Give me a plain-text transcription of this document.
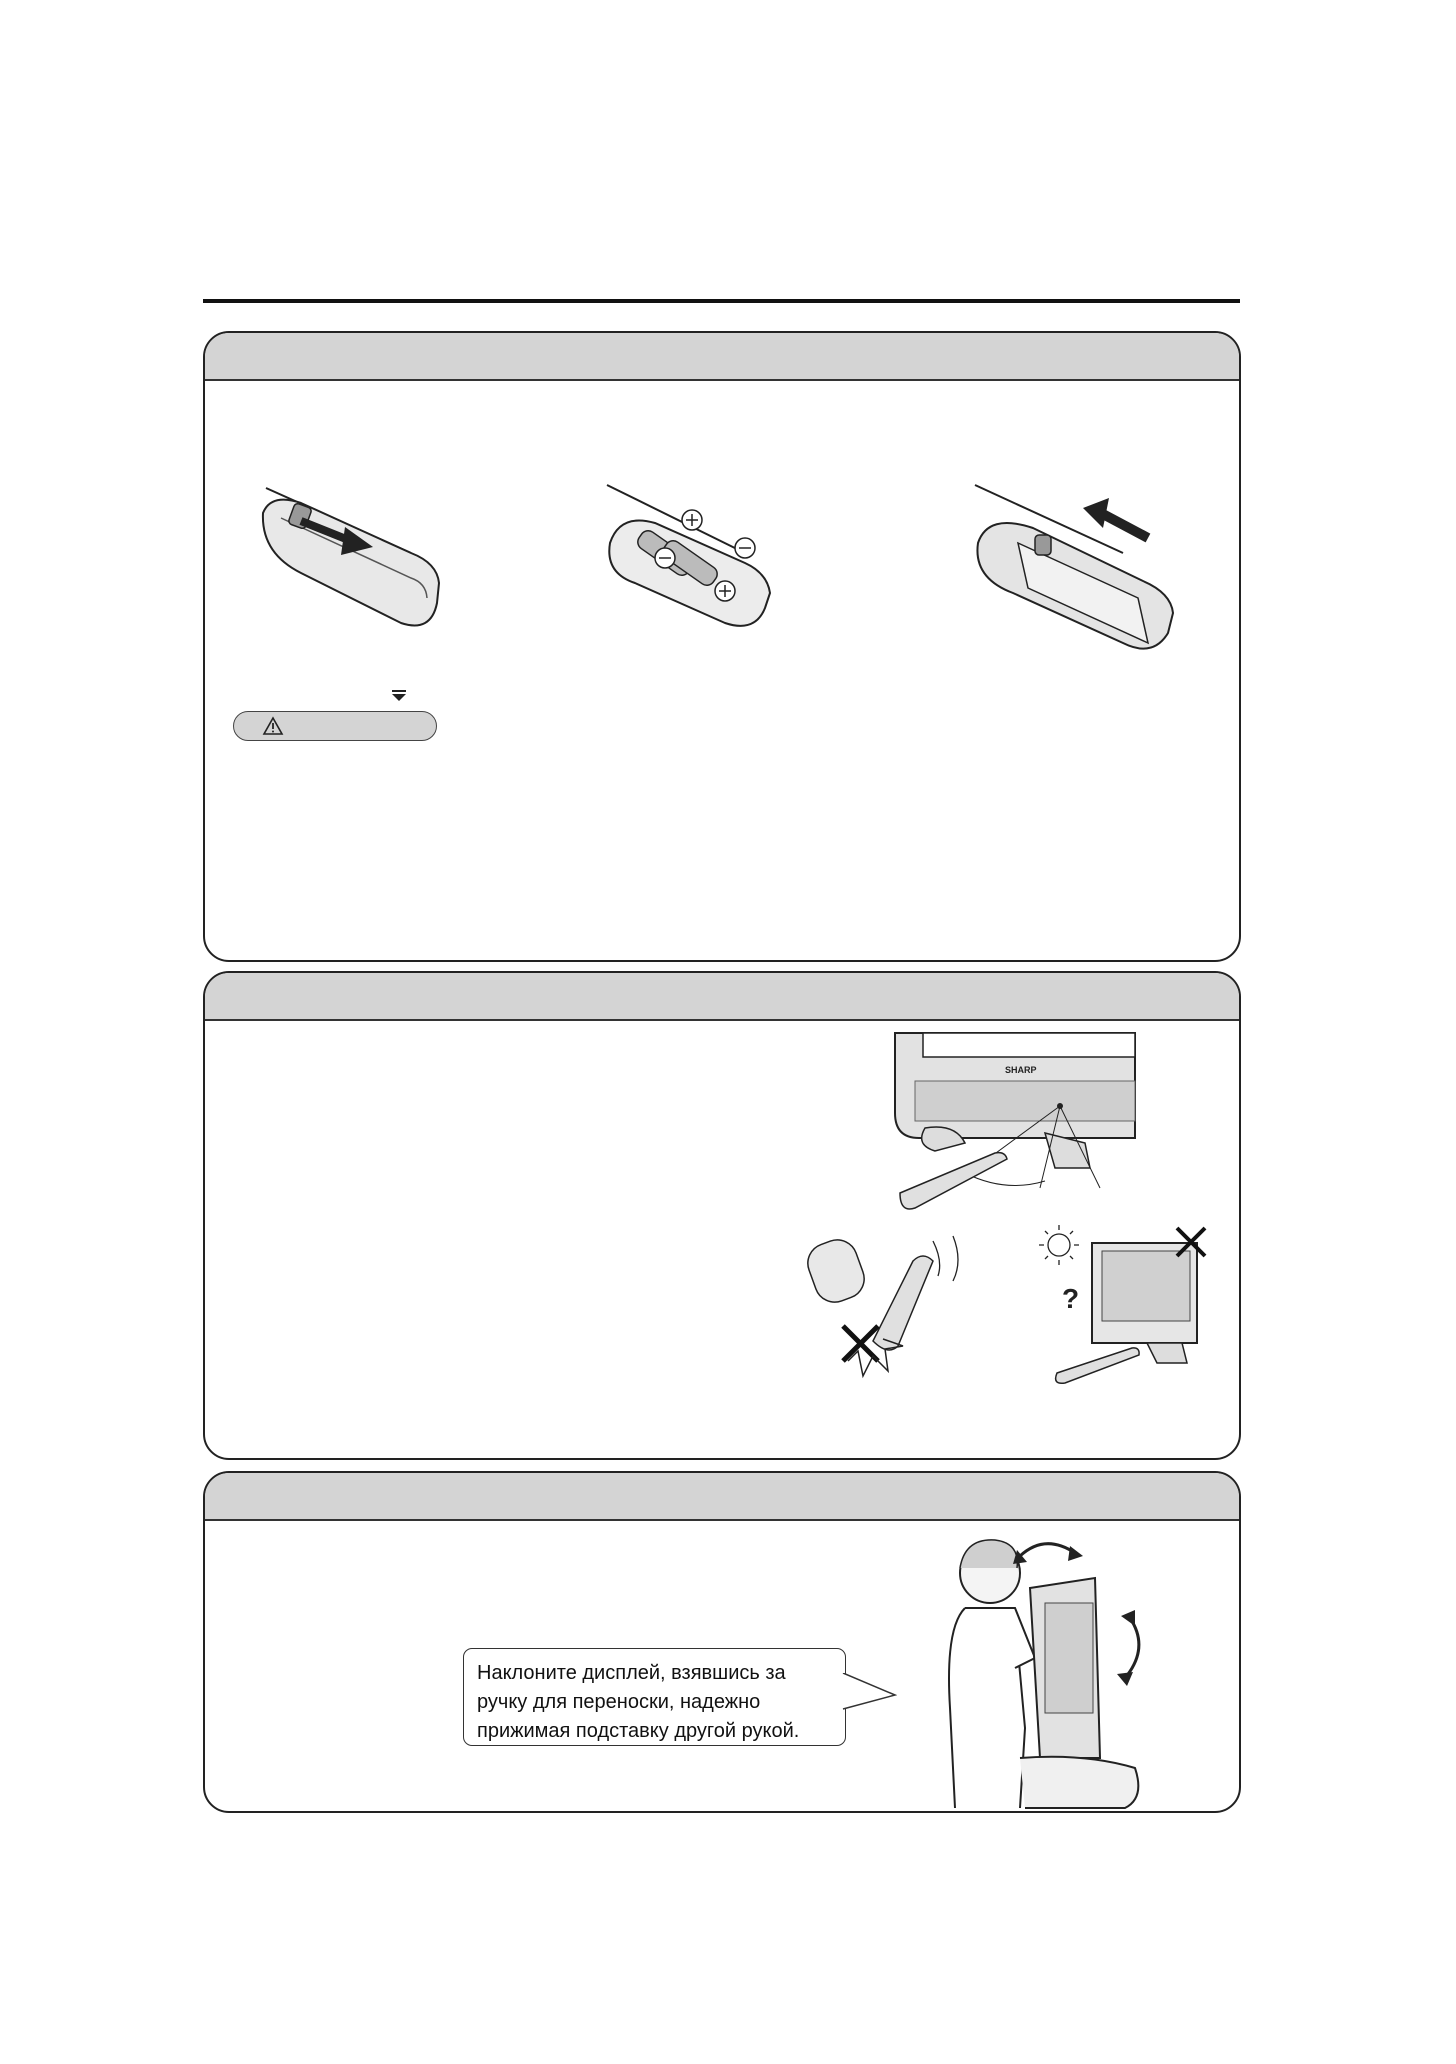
SHARP
?
Наклоните дисплей, взявшись за
ручку для переноски, надежно
прижимая подставку другой рукой.
